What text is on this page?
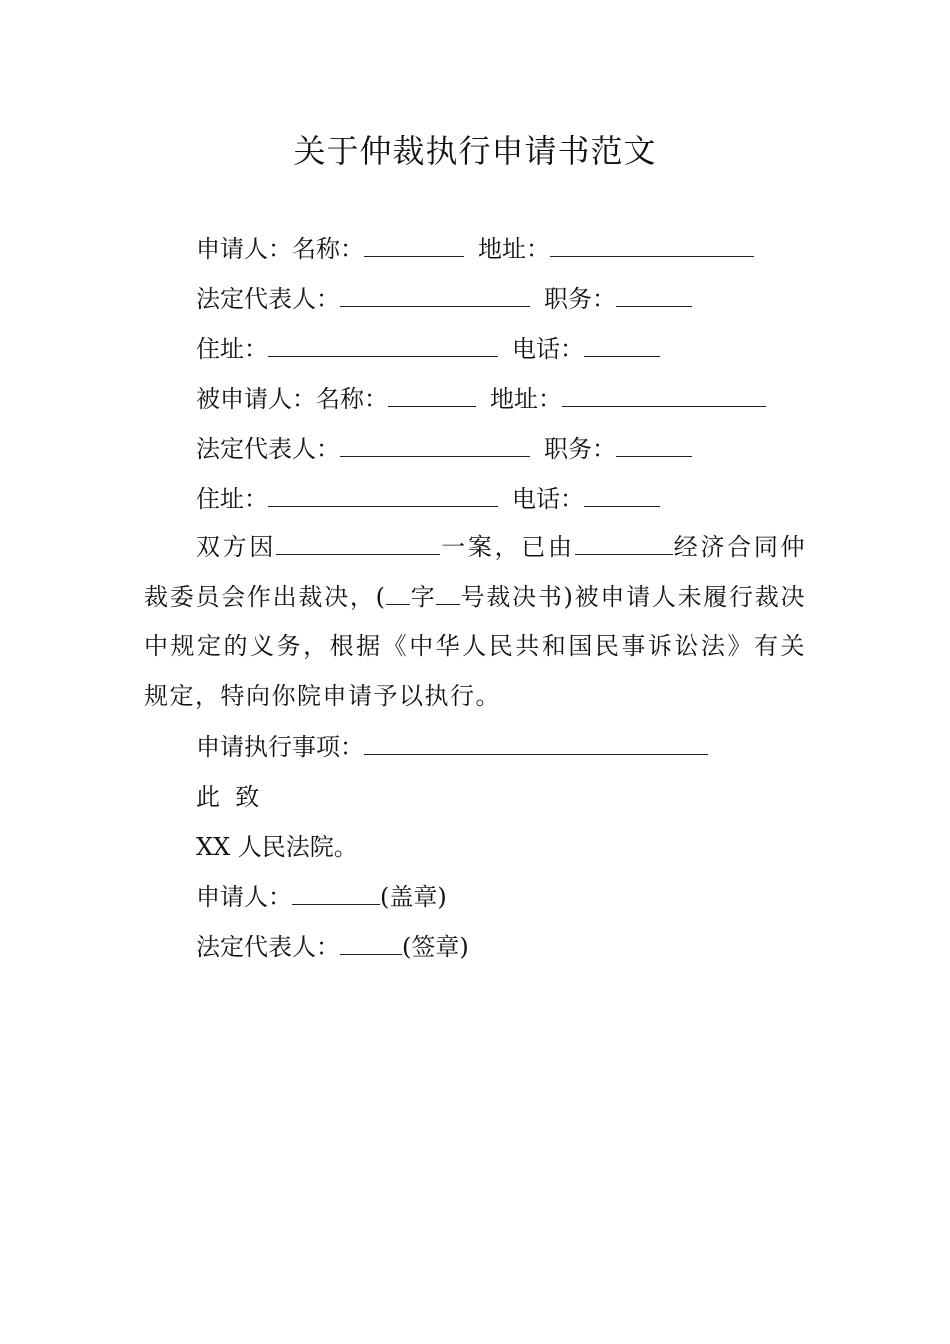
关于仲裁执行申请书范文
申请人：名称：	地址：
法定代表人：	职务：
住址：	电话：
被申请人：名称：	地址：
法定代表人：	职务：
住址：	电话：
双方因	一案，已由	经济合同仲裁委员会作出裁决，( 字 号裁决书)被申请人未履行裁决中规定的义务，根据《中华人民共和国民事诉讼法》有关规定，特向你院申请予以执行。
申请执行事项：
此  致
XX 人民法院。
申请人：	(盖章)
法定代表人：	(签章)
